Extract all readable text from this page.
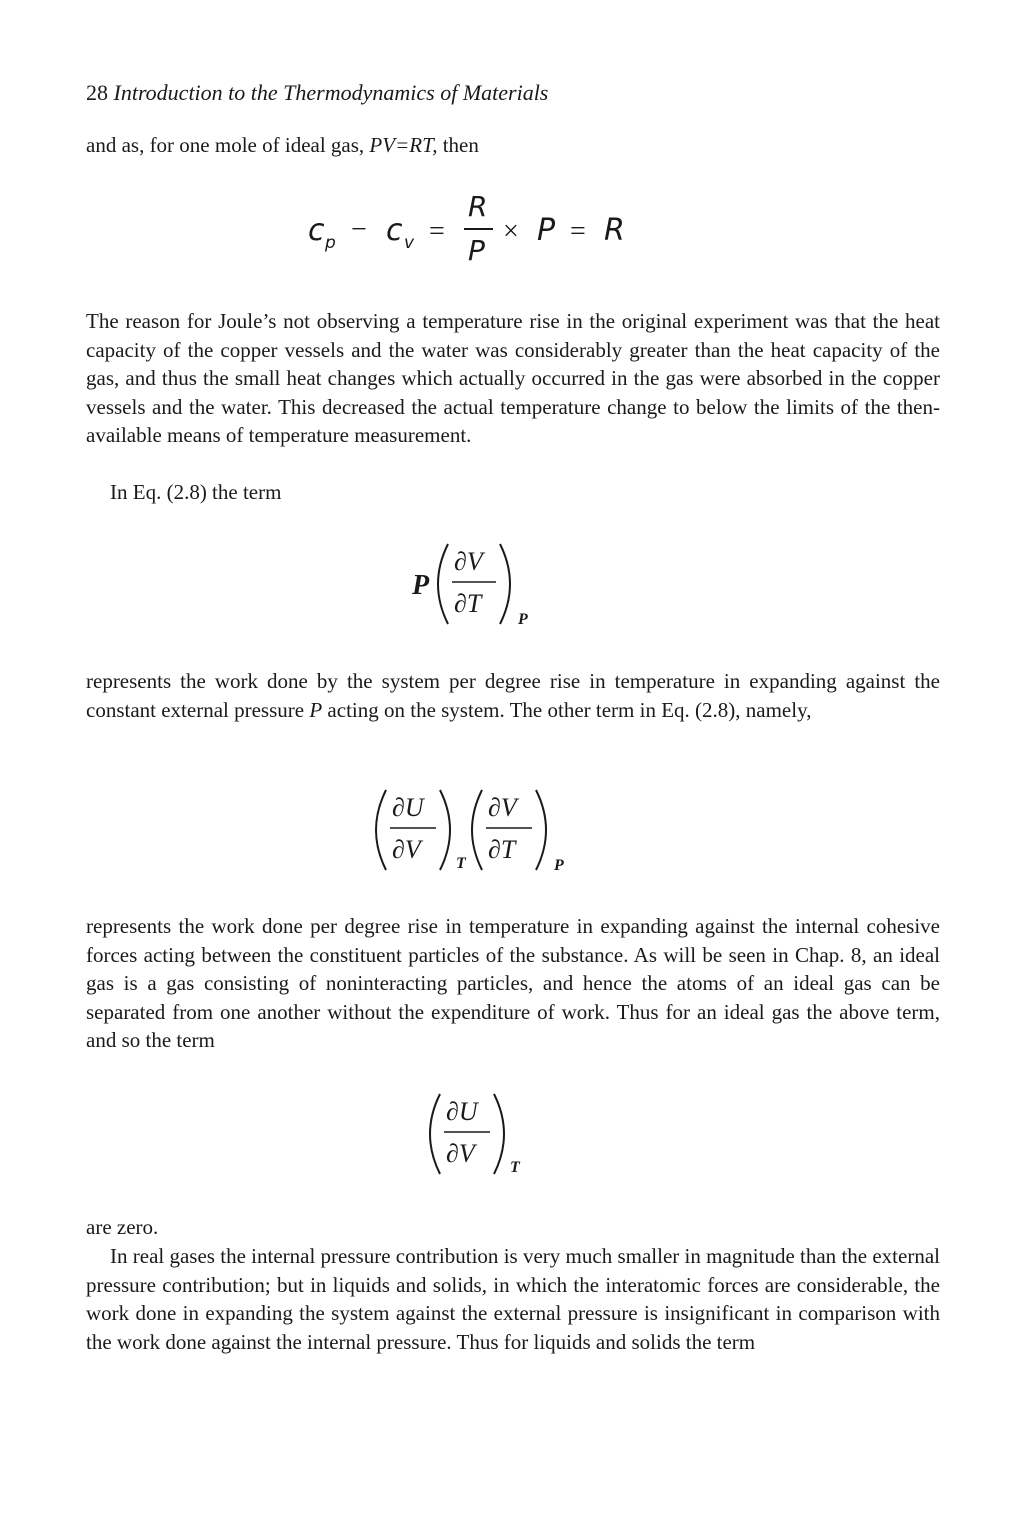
28 Introduction to the Thermodynamics of Materials

and as, for one mole of ideal gas, PV=RT, then

c p − c v =
R
P
× P = R

The reason for Joule’s not observing a temperature rise in the original experiment was that the heat capacity of the copper vessels and the water was considerably greater than the heat capacity of the gas, and thus the small heat changes which actually occurred in the gas were absorbed in the copper vessels and the water. This decreased the actual temperature change to below the limits of the then-available means of temperature measurement.

In Eq. (2.8) the term

P
∂V
∂T
P

represents the work done by the system per degree rise in temperature in expanding against the constant external pressure P acting on the system. The other term in Eq. (2.8), namely,

∂U
∂V T
∂V
∂T
P

represents the work done per degree rise in temperature in expanding against the internal cohesive forces acting between the constituent particles of the substance. As will be seen in Chap. 8, an ideal gas is a gas consisting of noninteracting particles, and hence the atoms of an ideal gas can be separated from one another without the expenditure of work. Thus for an ideal gas the above term, and so the term

∂U
∂V T

are zero.

In real gases the internal pressure contribution is very much smaller in magnitude than the external pressure contribution; but in liquids and solids, in which the interatomic forces are considerable, the work done in expanding the system against the external pressure is insignificant in comparison with the work done against the internal pressure. Thus for liquids and solids the term
